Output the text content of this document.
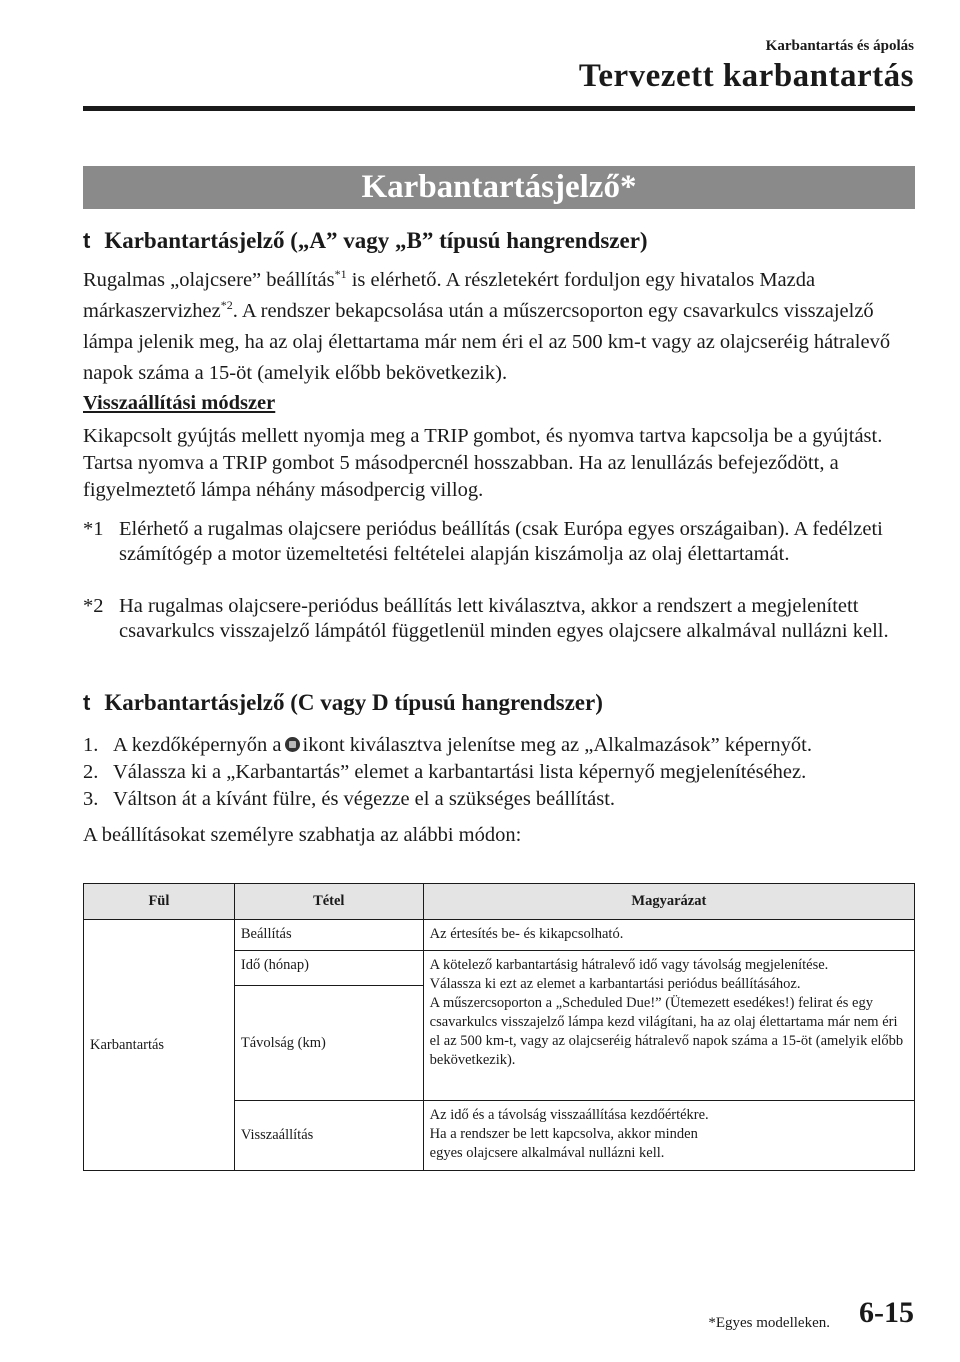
Karbantartás és ápolás
Tervezett karbantartás
Karbantartásjelző*
t Karbantartásjelző („A” vagy „B” típusú hangrendszer)
Rugalmas „olajcsere” beállítás$^{*1}$ is elérhető. A részletekért forduljon egy hivatalos Mazda márkaszervizhez$^{*2}$. A rendszer bekapcsolása után a műszercsoporton egy csavarkulcs visszajelző lámpa jelenik meg, ha az olaj élettartama már nem éri el az 500 km-t vagy az olajcseréig hátralevő napok száma a 15-öt (amelyik előbb bekövetkezik).
Visszaállítási módszer
Kikapcsolt gyújtás mellett nyomja meg a TRIP gombot, és nyomva tartva kapcsolja be a gyújtást. Tartsa nyomva a TRIP gombot 5 másodpercnél hosszabban. Ha az lenullázás befejeződött, a figyelmeztető lámpa néhány másodpercig villog.
*1 Elérhető a rugalmas olajcsere periódus beállítás (csak Európa egyes országaiban). A fedélzeti számítógép a motor üzemeltetési feltételei alapján kiszámolja az olaj élettartamát.
*2 Ha rugalmas olajcsere-periódus beállítás lett kiválasztva, akkor a rendszert a megjelenített csavarkulcs visszajelző lámpától függetlenül minden egyes olajcsere alkalmával nullázni kell.
t Karbantartásjelző (C vagy D típusú hangrendszer)
1. A kezdőképernyőn a ikont kiválasztva jelenítse meg az „Alkalmazások” képernyőt.
2. Válassza ki a „Karbantartás” elemet a karbantartási lista képernyő megjelenítéséhez.
3. Váltson át a kívánt fülre, és végezze el a szükséges beállítást.
A beállításokat személyre szabhatja az alábbi módon:
Fül	Tétel	Magyarázat
Karbantartás	Beállítás	Az értesítés be- és kikapcsolható.
	Idő (hónap)	A kötelező karbantartásig hátralevő idő vagy távolság megjelenítése.
Válassza ki ezt az elemet a karbantartási periódus beállításához.
A műszercsoporton a „Scheduled Due!” (Ütemezett esedékes!) felirat és egy csavarkulcs visszajelző lámpa kezd világítani, ha az olaj élettartama már nem éri el az 500 km-t, vagy az olajcseréig hátralevő napok száma a 15-öt (amelyik előbb bekövetkezik).
	Távolság (km)	
	Visszaállítás	Az idő és a távolság visszaállítása kezdőértékre.
Ha a rendszer be lett kapcsolva, akkor minden
egyes olajcsere alkalmával nullázni kell.
*Egyes modelleken. 6-15
